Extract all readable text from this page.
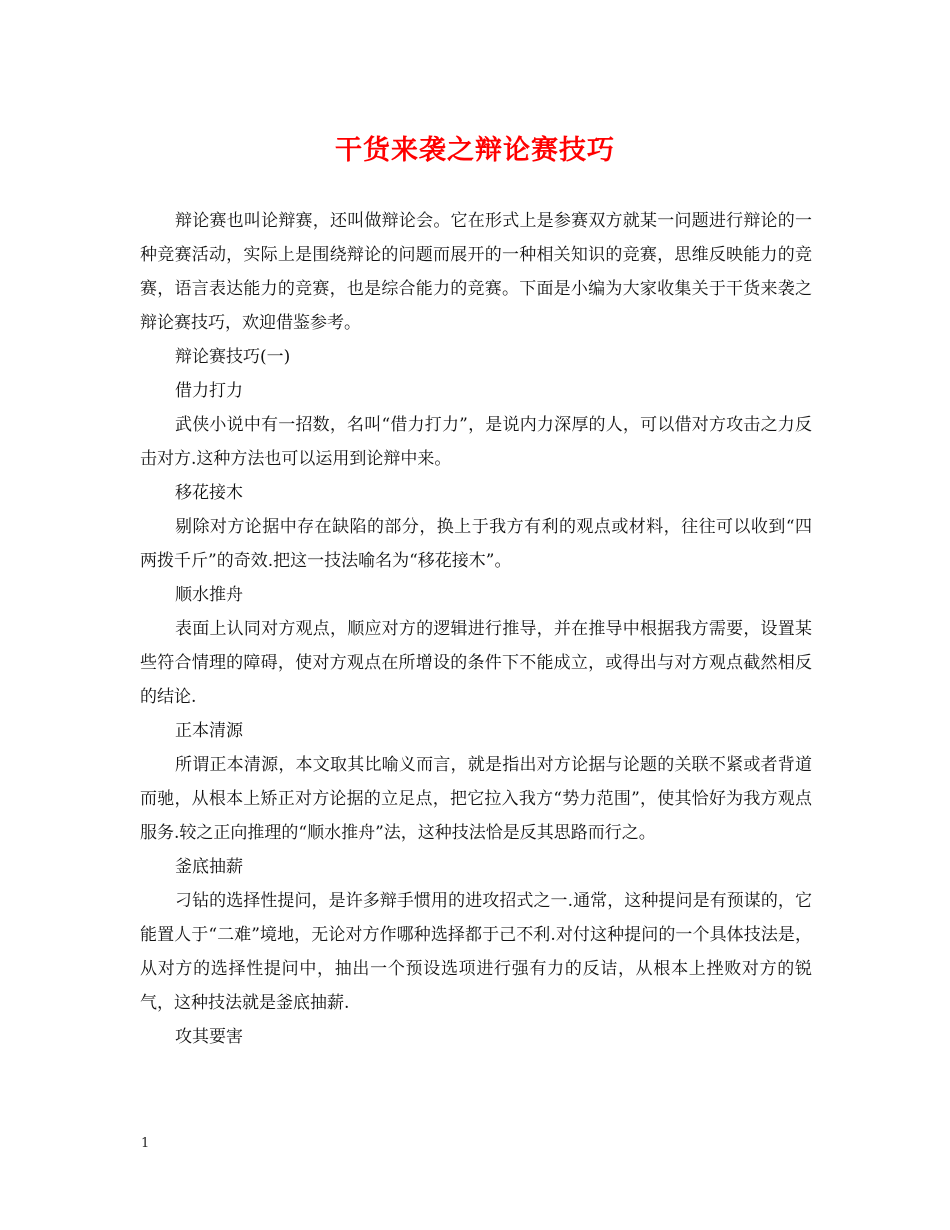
干货来袭之辩论赛技巧

辩论赛也叫论辩赛，还叫做辩论会。它在形式上是参赛双方就某一问题进行辩论的一种竞赛活动，实际上是围绕辩论的问题而展开的一种相关知识的竞赛，思维反映能力的竞赛，语言表达能力的竞赛，也是综合能力的竞赛。下面是小编为大家收集关于干货来袭之辩论赛技巧，欢迎借鉴参考。

辩论赛技巧(一)

借力打力

武侠小说中有一招数，名叫“借力打力”，是说内力深厚的人，可以借对方攻击之力反击对方.这种方法也可以运用到论辩中来。

移花接木

剔除对方论据中存在缺陷的部分，换上于我方有利的观点或材料，往往可以收到“四两拨千斤”的奇效.把这一技法喻名为“移花接木”。

顺水推舟

表面上认同对方观点，顺应对方的逻辑进行推导，并在推导中根据我方需要，设置某些符合情理的障碍，使对方观点在所增设的条件下不能成立，或得出与对方观点截然相反的结论.

正本清源

所谓正本清源，本文取其比喻义而言，就是指出对方论据与论题的关联不紧或者背道而驰，从根本上矫正对方论据的立足点，把它拉入我方“势力范围”，使其恰好为我方观点服务.较之正向推理的“顺水推舟”法，这种技法恰是反其思路而行之。

釜底抽薪

刁钻的选择性提问，是许多辩手惯用的进攻招式之一.通常，这种提问是有预谋的，它能置人于“二难”境地，无论对方作哪种选择都于己不利.对付这种提问的一个具体技法是，从对方的选择性提问中，抽出一个预设选项进行强有力的反诘，从根本上挫败对方的锐气，这种技法就是釜底抽薪.

攻其要害

1
